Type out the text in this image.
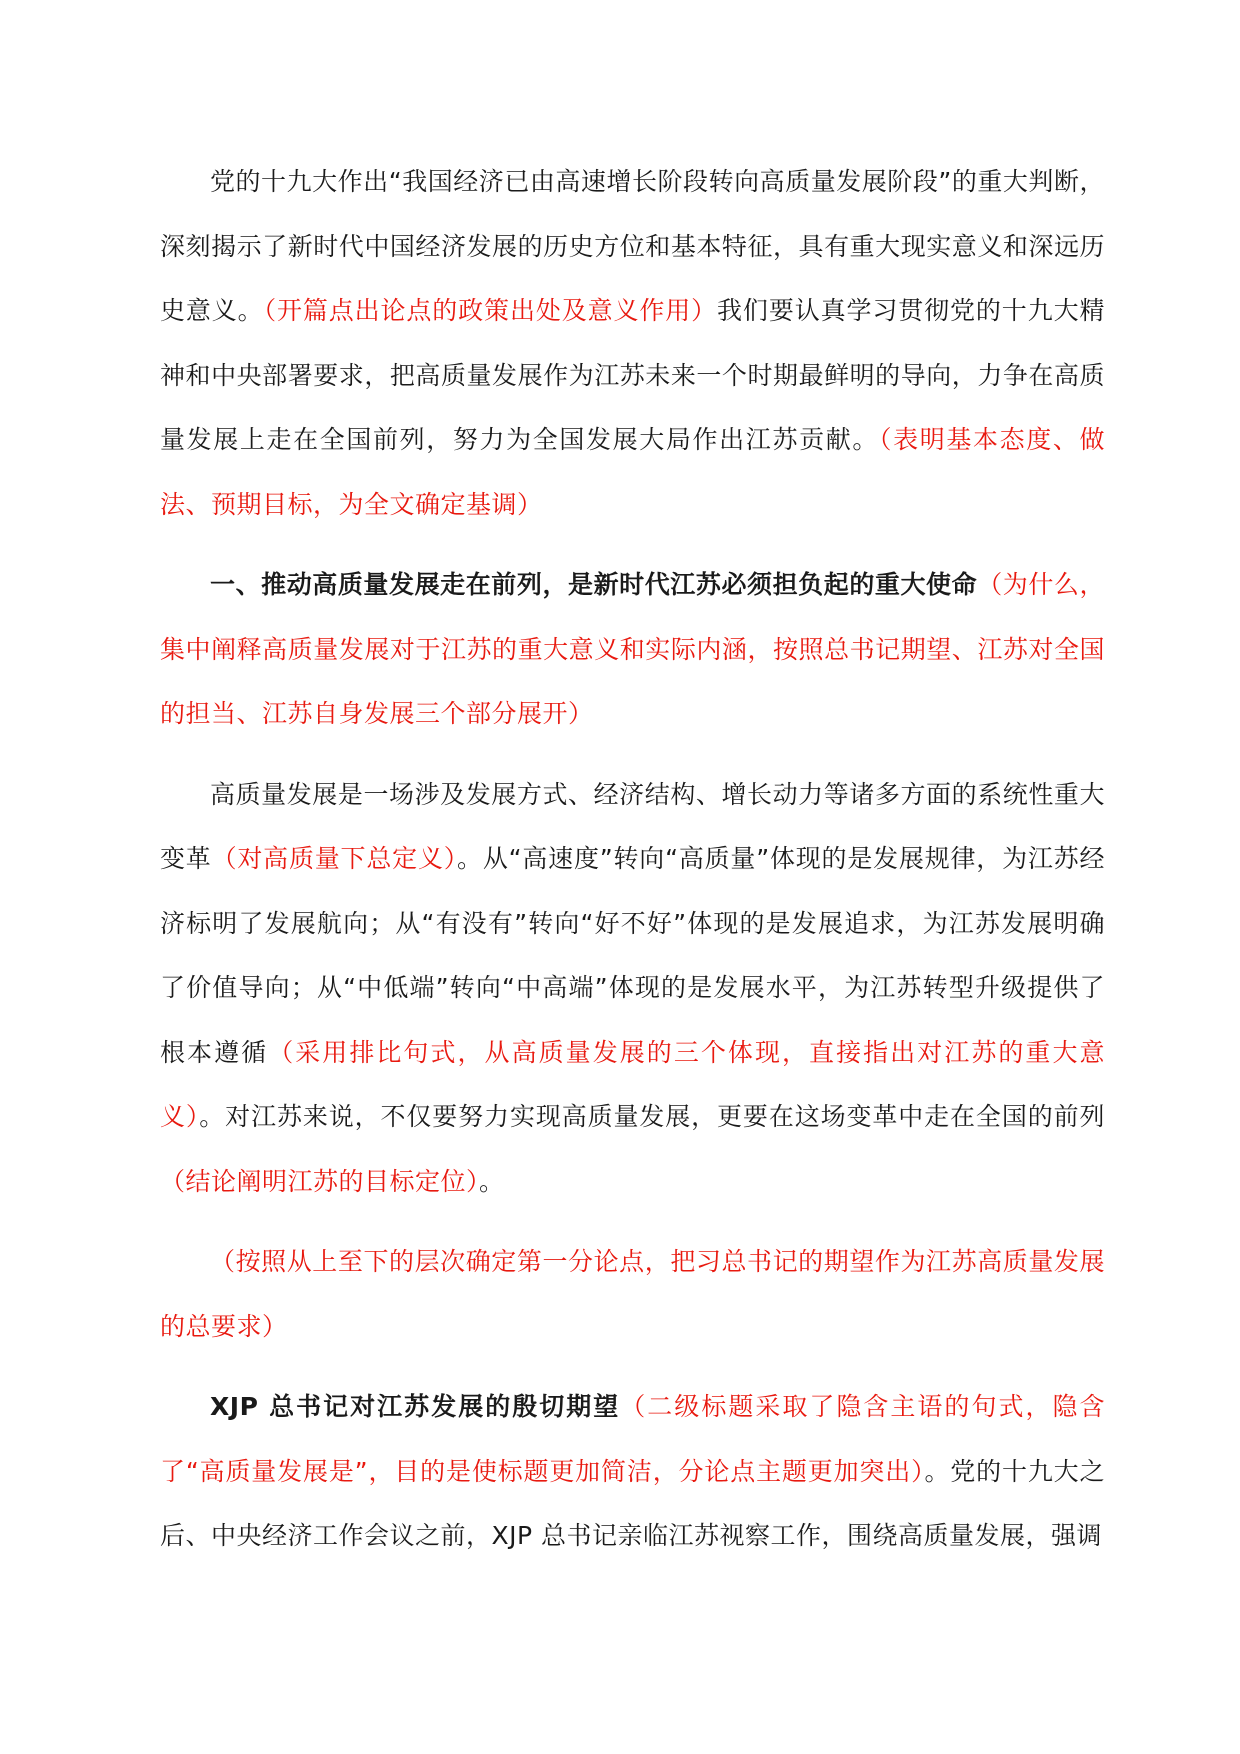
党的十九大作出“我国经济已由高速增长阶段转向高质量发展阶段”的重大判断，深刻揭示了新时代中国经济发展的历史方位和基本特征，具有重大现实意义和深远历史意义。（开篇点出论点的政策出处及意义作用）我们要认真学习贯彻党的十九大精神和中央部署要求，把高质量发展作为江苏未来一个时期最鲜明的导向，力争在高质量发展上走在全国前列，努力为全国发展大局作出江苏贡献。（表明基本态度、做法、预期目标，为全文确定基调）

一、推动高质量发展走在前列，是新时代江苏必须担负起的重大使命（为什么，集中阐释高质量发展对于江苏的重大意义和实际内涵，按照总书记期望、江苏对全国的担当、江苏自身发展三个部分展开）

高质量发展是一场涉及发展方式、经济结构、增长动力等诸多方面的系统性重大变革（对高质量下总定义）。从“高速度”转向“高质量”体现的是发展规律，为江苏经济标明了发展航向；从“有没有”转向“好不好”体现的是发展追求，为江苏发展明确了价值导向；从“中低端”转向“中高端”体现的是发展水平，为江苏转型升级提供了根本遵循（采用排比句式，从高质量发展的三个体现，直接指出对江苏的重大意义）。对江苏来说，不仅要努力实现高质量发展，更要在这场变革中走在全国的前列（结论阐明江苏的目标定位）。

（按照从上至下的层次确定第一分论点，把习总书记的期望作为江苏高质量发展的总要求）

XJP 总书记对江苏发展的殷切期望（二级标题采取了隐含主语的句式，隐含了“高质量发展是”，目的是使标题更加简洁，分论点主题更加突出）。党的十九大之后、中央经济工作会议之前，XJP 总书记亲临江苏视察工作，围绕高质量发展，强调
